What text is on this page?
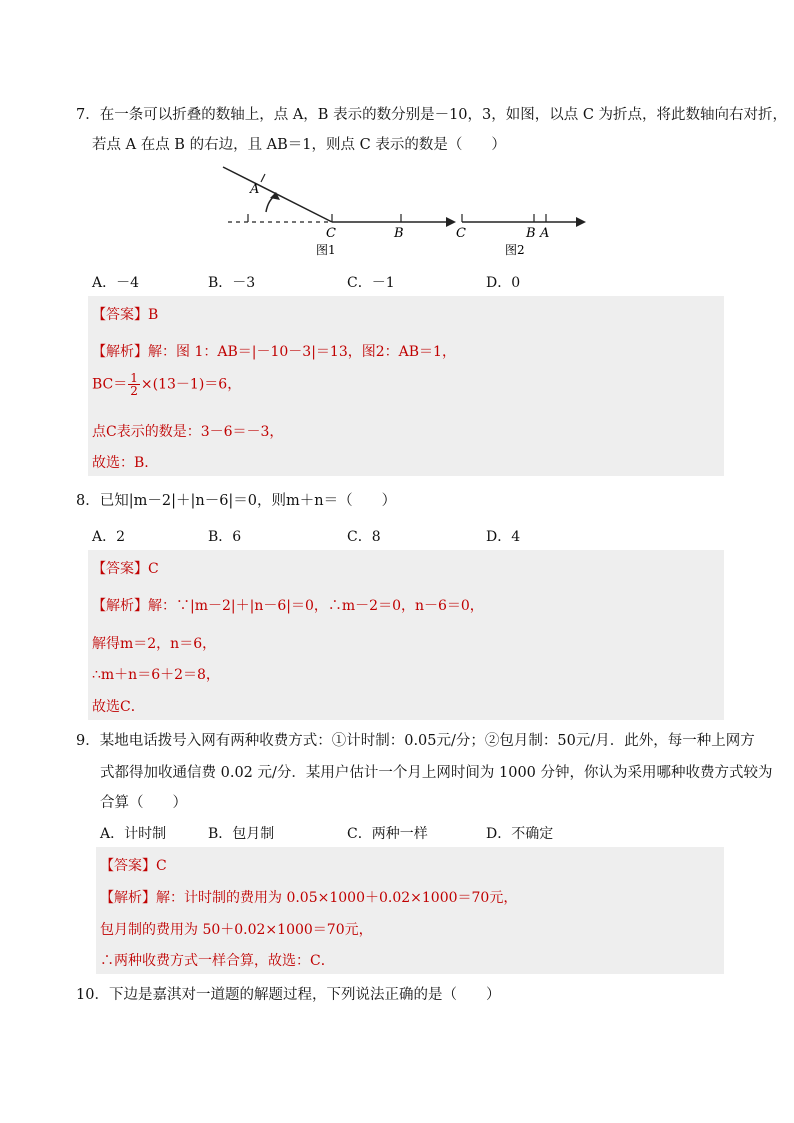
7．在一条可以折叠的数轴上，点 A，B 表示的数分别是－10，3，如图，以点 C 为折点，将此数轴向右对折，
若点 A 在点 B 的右边，且 AB＝1，则点 C 表示的数是（　　）
A
C	B
图1
C	B A
图2
A．－4	B．－3	C．－1	D．0
【答案】B
【解析】解：图 1：AB＝|－10－3|＝13，图2：AB＝1，
$BC= \frac{1}{2} \times(13-1)=6$，
点C表示的数是：3－6＝－3，
故选：B.
8．已知|m－2|＋|n－6|＝0，则m＋n＝（　　）
A．2	B．6	C．8	D．4
【答案】C
【解析】解：∵|m－2|＋|n－6|＝0，∴m－2＝0，n－6＝0，
解得m＝2，n＝6，
∴m＋n＝6＋2＝8，
故选C．
9．某地电话拨号入网有两种收费方式：①计时制：0.05元/分；②包月制：50元/月．此外，每一种上网方
式都得加收通信费 0.02 元/分．某用户估计一个月上网时间为 1000 分钟，你认为采用哪种收费方式较为
合算（　　）
A．计时制	B．包月制	C．两种一样	D．不确定
【答案】C
【解析】解：计时制的费用为 0.05×1000＋0.02×1000＝70元，
包月制的费用为 50＋0.02×1000＝70元，
∴两种收费方式一样合算，故选：C．
10．下边是嘉淇对一道题的解题过程，下列说法正确的是（　　）
